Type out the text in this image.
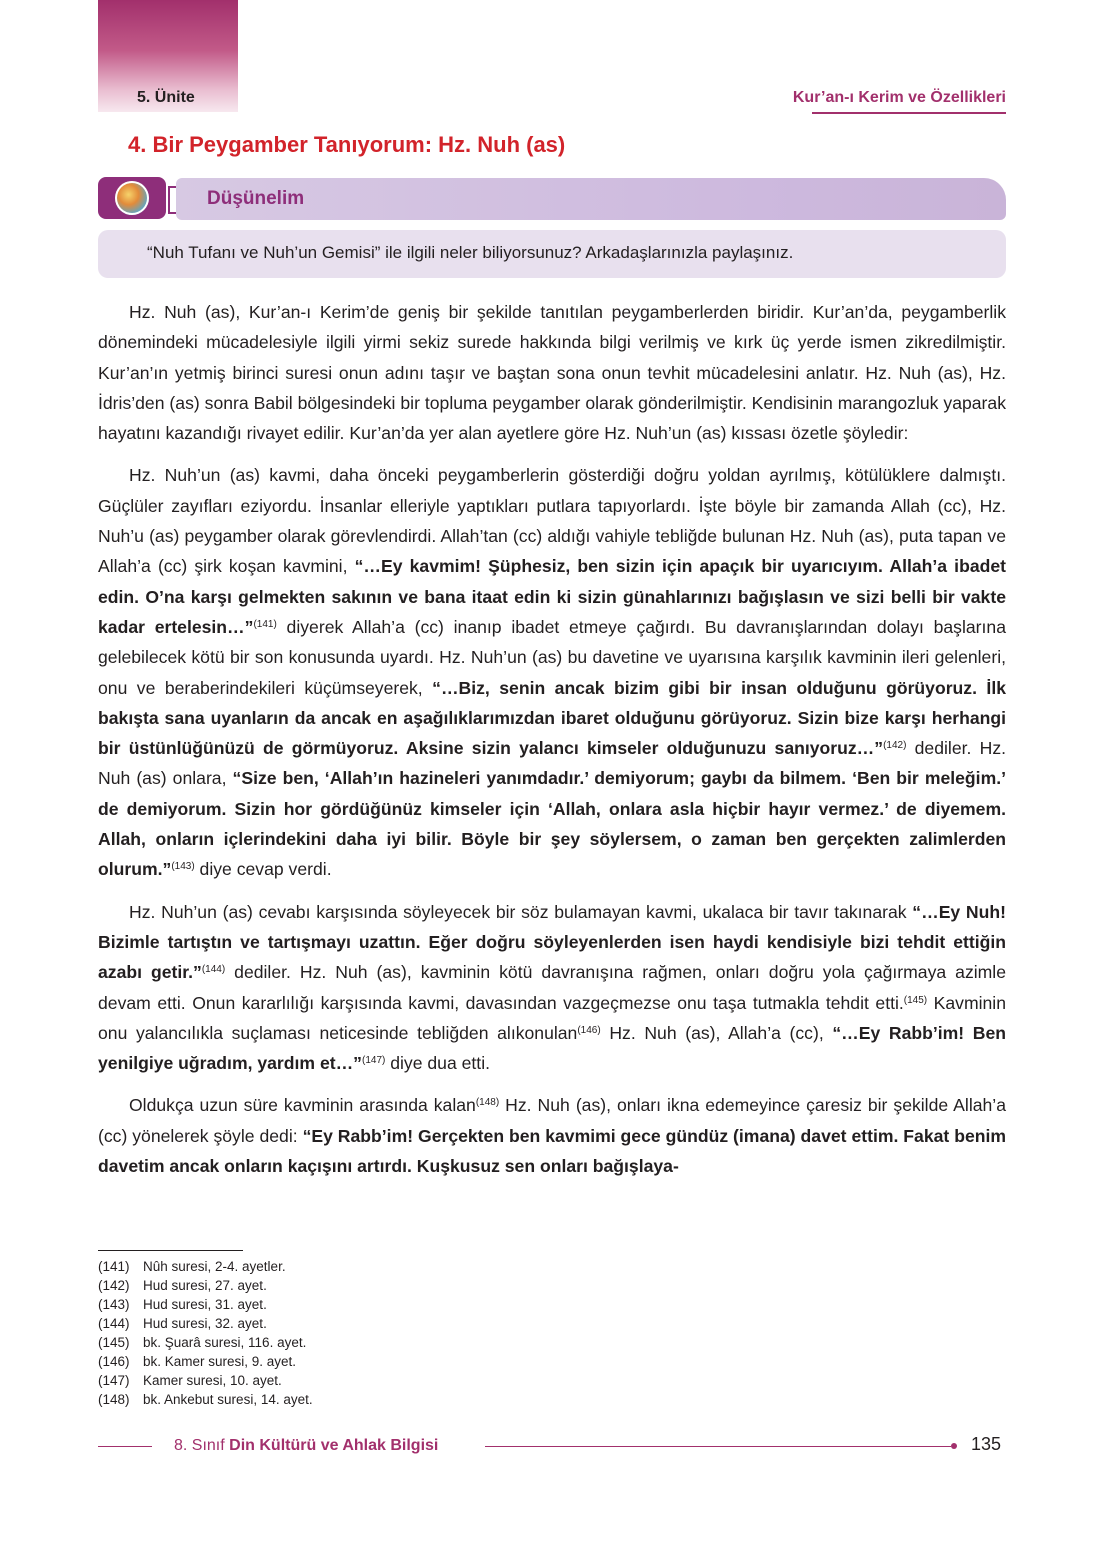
5. Ünite	Kur’an-ı Kerim ve Özellikleri
4. Bir Peygamber Tanıyorum: Hz. Nuh (as)
Düşünelim

“Nuh Tufanı ve Nuh’un Gemisi” ile ilgili neler biliyorsunuz? Arkadaşlarınızla paylaşınız.

Hz. Nuh (as), Kur’an-ı Kerim’de geniş bir şekilde tanıtılan peygamberlerden biridir. Kur’an’da, peygamberlik dönemindeki mücadelesiyle ilgili yirmi sekiz surede hakkında bilgi verilmiş ve kırk üç yerde ismen zikredilmiştir. Kur’an’ın yetmiş birinci suresi onun adını taşır ve baştan sona onun tevhit mücadelesini anlatır. Hz. Nuh (as), Hz. İdris’den (as) sonra Babil bölgesindeki bir topluma peygamber olarak gönderilmiştir. Kendisinin marangozluk yaparak hayatını kazandığı rivayet edilir. Kur’an’da yer alan ayetlere göre Hz. Nuh’un (as) kıssası özetle şöyledir:

Hz. Nuh’un (as) kavmi, daha önceki peygamberlerin gösterdiği doğru yoldan ayrılmış, kötülüklere dalmıştı. Güçlüler zayıfları eziyordu. İnsanlar elleriyle yaptıkları putlara tapıyorlardı. İşte böyle bir zamanda Allah (cc), Hz. Nuh’u (as) peygamber olarak görevlendirdi. Allah’tan (cc) aldığı vahiyle tebliğde bulunan Hz. Nuh (as), puta tapan ve Allah’a (cc) şirk koşan kavmini, “…Ey kavmim! Şüphesiz, ben sizin için apaçık bir uyarıcıyım. Allah’a ibadet edin. O’na karşı gelmekten sakının ve bana itaat edin ki sizin günahlarınızı bağışlasın ve sizi belli bir vakte kadar ertelesin…”$^{(141)}$ diyerek Allah’a (cc) inanıp ibadet etmeye çağırdı. Bu davranışlarından dolayı başlarına gelebilecek kötü bir son konusunda uyardı. Hz. Nuh’un (as) bu davetine ve uyarısına karşılık kavminin ileri gelenleri, onu ve beraberindekileri küçümseyerek, “…Biz, senin ancak bizim gibi bir insan olduğunu görüyoruz. İlk bakışta sana uyanların da ancak en aşağılıklarımızdan ibaret olduğunu görüyoruz. Sizin bize karşı herhangi bir üstünlüğünüzü de görmüyoruz. Aksine sizin yalancı kimseler olduğunuzu sanıyoruz…”$^{(142)}$ dediler. Hz. Nuh (as) onlara, “Size ben, ‘Allah’ın hazineleri yanımdadır.’ demiyorum; gaybı da bilmem. ‘Ben bir meleğim.’ de demiyorum. Sizin hor gördüğünüz kimseler için ‘Allah, onlara asla hiçbir hayır vermez.’ de diyemem. Allah, onların içlerindekini daha iyi bilir. Böyle bir şey söylersem, o zaman ben gerçekten zalimlerden olurum.”$^{(143)}$ diye cevap verdi.

Hz. Nuh’un (as) cevabı karşısında söyleyecek bir söz bulamayan kavmi, ukalaca bir tavır takınarak “…Ey Nuh! Bizimle tartıştın ve tartışmayı uzattın. Eğer doğru söyleyenlerden isen haydi kendisiyle bizi tehdit ettiğin azabı getir.”$^{(144)}$ dediler. Hz. Nuh (as), kavminin kötü davranışına rağmen, onları doğru yola çağırmaya azimle devam etti. Onun kararlılığı karşısında kavmi, davasından vazgeçmezse onu taşa tutmakla tehdit etti.$^{(145)}$ Kavminin onu yalancılıkla suçlaması neticesinde tebliğden alıkonulan$^{(146)}$ Hz. Nuh (as), Allah’a (cc), “…Ey Rabb’im! Ben yenilgiye uğradım, yardım et…”$^{(147)}$ diye dua etti.

Oldukça uzun süre kavminin arasında kalan$^{(148)}$ Hz. Nuh (as), onları ikna edemeyince çaresiz bir şekilde Allah’a (cc) yönelerek şöyle dedi: “Ey Rabb’im! Gerçekten ben kavmimi gece gündüz (imana) davet ettim. Fakat benim davetim ancak onların kaçışını artırdı. Kuşkusuz sen onları bağışlaya-

(141) Nûh suresi, 2-4. ayetler.
(142) Hud suresi, 27. ayet.
(143) Hud suresi, 31. ayet.
(144) Hud suresi, 32. ayet.
(145) bk. Şuarâ suresi, 116. ayet.
(146) bk. Kamer suresi, 9. ayet.
(147) Kamer suresi, 10. ayet.
(148) bk. Ankebut suresi, 14. ayet.
8. Sınıf Din Kültürü ve Ahlak Bilgisi	135
